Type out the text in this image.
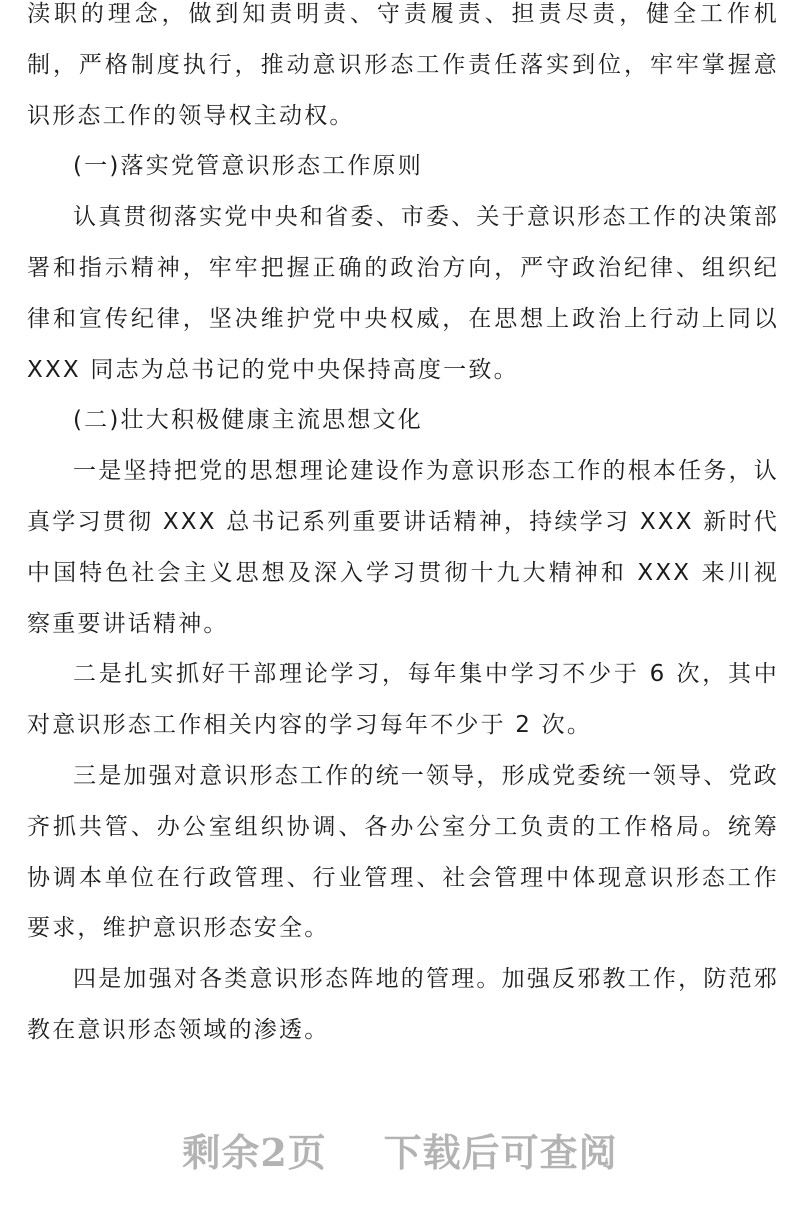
渎职的理念，做到知责明责、守责履责、担责尽责，健全工作机制，严格制度执行，推动意识形态工作责任落实到位，牢牢掌握意识形态工作的领导权主动权。

(一)落实党管意识形态工作原则

认真贯彻落实党中央和省委、市委、关于意识形态工作的决策部署和指示精神，牢牢把握正确的政治方向，严守政治纪律、组织纪律和宣传纪律，坚决维护党中央权威，在思想上政治上行动上同以 XXX 同志为总书记的党中央保持高度一致。

(二)壮大积极健康主流思想文化

一是坚持把党的思想理论建设作为意识形态工作的根本任务，认真学习贯彻 XXX 总书记系列重要讲话精神，持续学习 XXX 新时代中国特色社会主义思想及深入学习贯彻十九大精神和 XXX 来川视察重要讲话精神。

二是扎实抓好干部理论学习，每年集中学习不少于 6 次，其中对意识形态工作相关内容的学习每年不少于 2 次。

三是加强对意识形态工作的统一领导，形成党委统一领导、党政齐抓共管、办公室组织协调、各办公室分工负责的工作格局。统筹协调本单位在行政管理、行业管理、社会管理中体现意识形态工作要求，维护意识形态安全。

四是加强对各类意识形态阵地的管理。加强反邪教工作，防范邪教在意识形态领域的渗透。

剩余2页    下载后可查阅
